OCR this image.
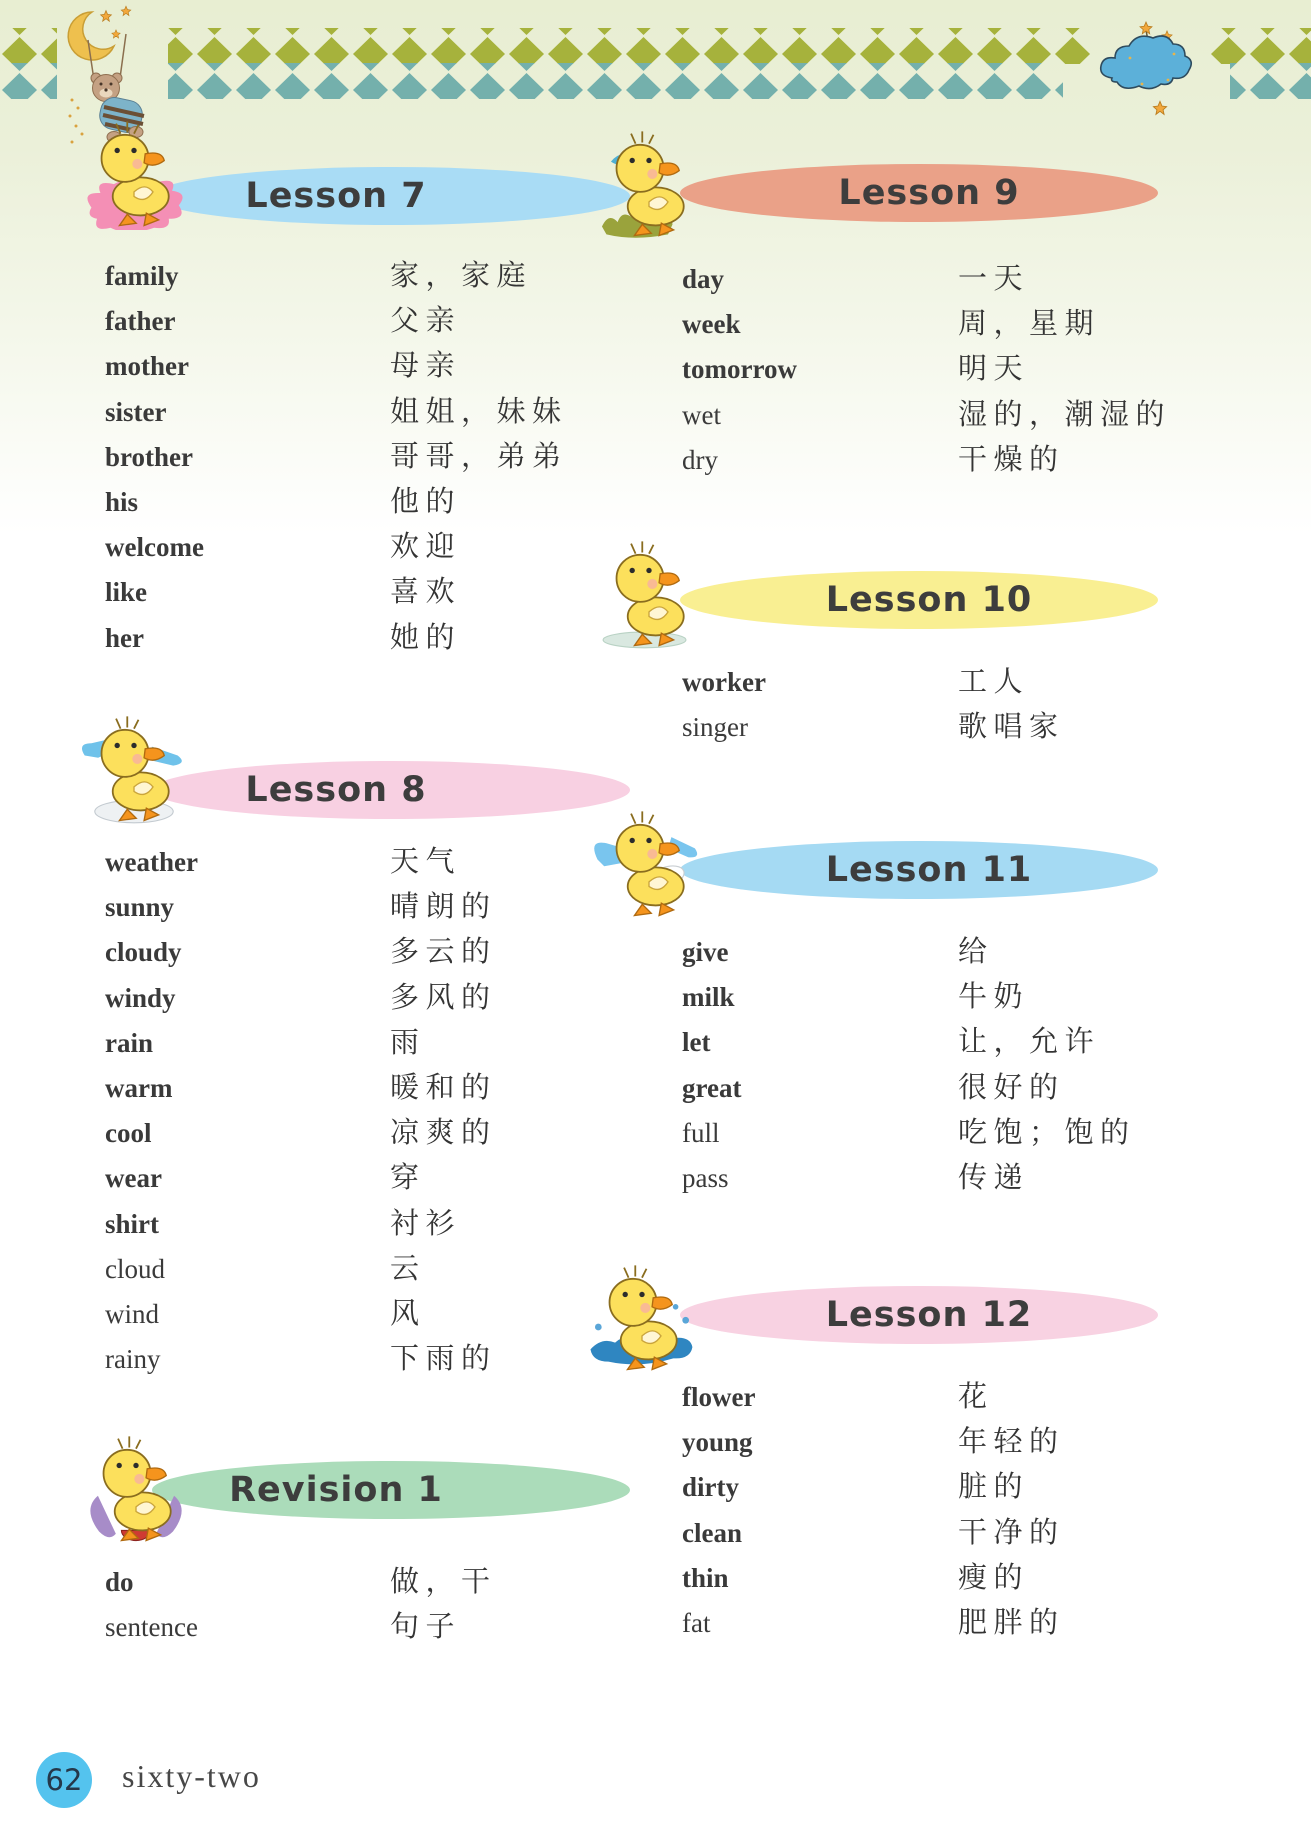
Lesson 7
family	家，家庭
father	父亲
mother	母亲
sister	姐姐，妹妹
brother	哥哥，弟弟
his	他的
welcome	欢迎
like	喜欢
her	她的
Lesson 8
weather	天气
sunny	晴朗的
cloudy	多云的
windy	多风的
rain	雨
warm	暖和的
cool	凉爽的
wear	穿
shirt	衬衫
cloud	云
wind	风
rainy	下雨的
Revision 1
do	做，干
sentence	句子
Lesson 9
day	一天
week	周，星期
tomorrow	明天
wet	湿的，潮湿的
dry	干燥的
Lesson 10
worker	工人
singer	歌唱家
Lesson 11
give	给
milk	牛奶
let	让，允许
great	很好的
full	吃饱；饱的
pass	传递
Lesson 12
flower	花
young	年轻的
dirty	脏的
clean	干净的
thin	瘦的
fat	肥胖的
62 sixty-two
